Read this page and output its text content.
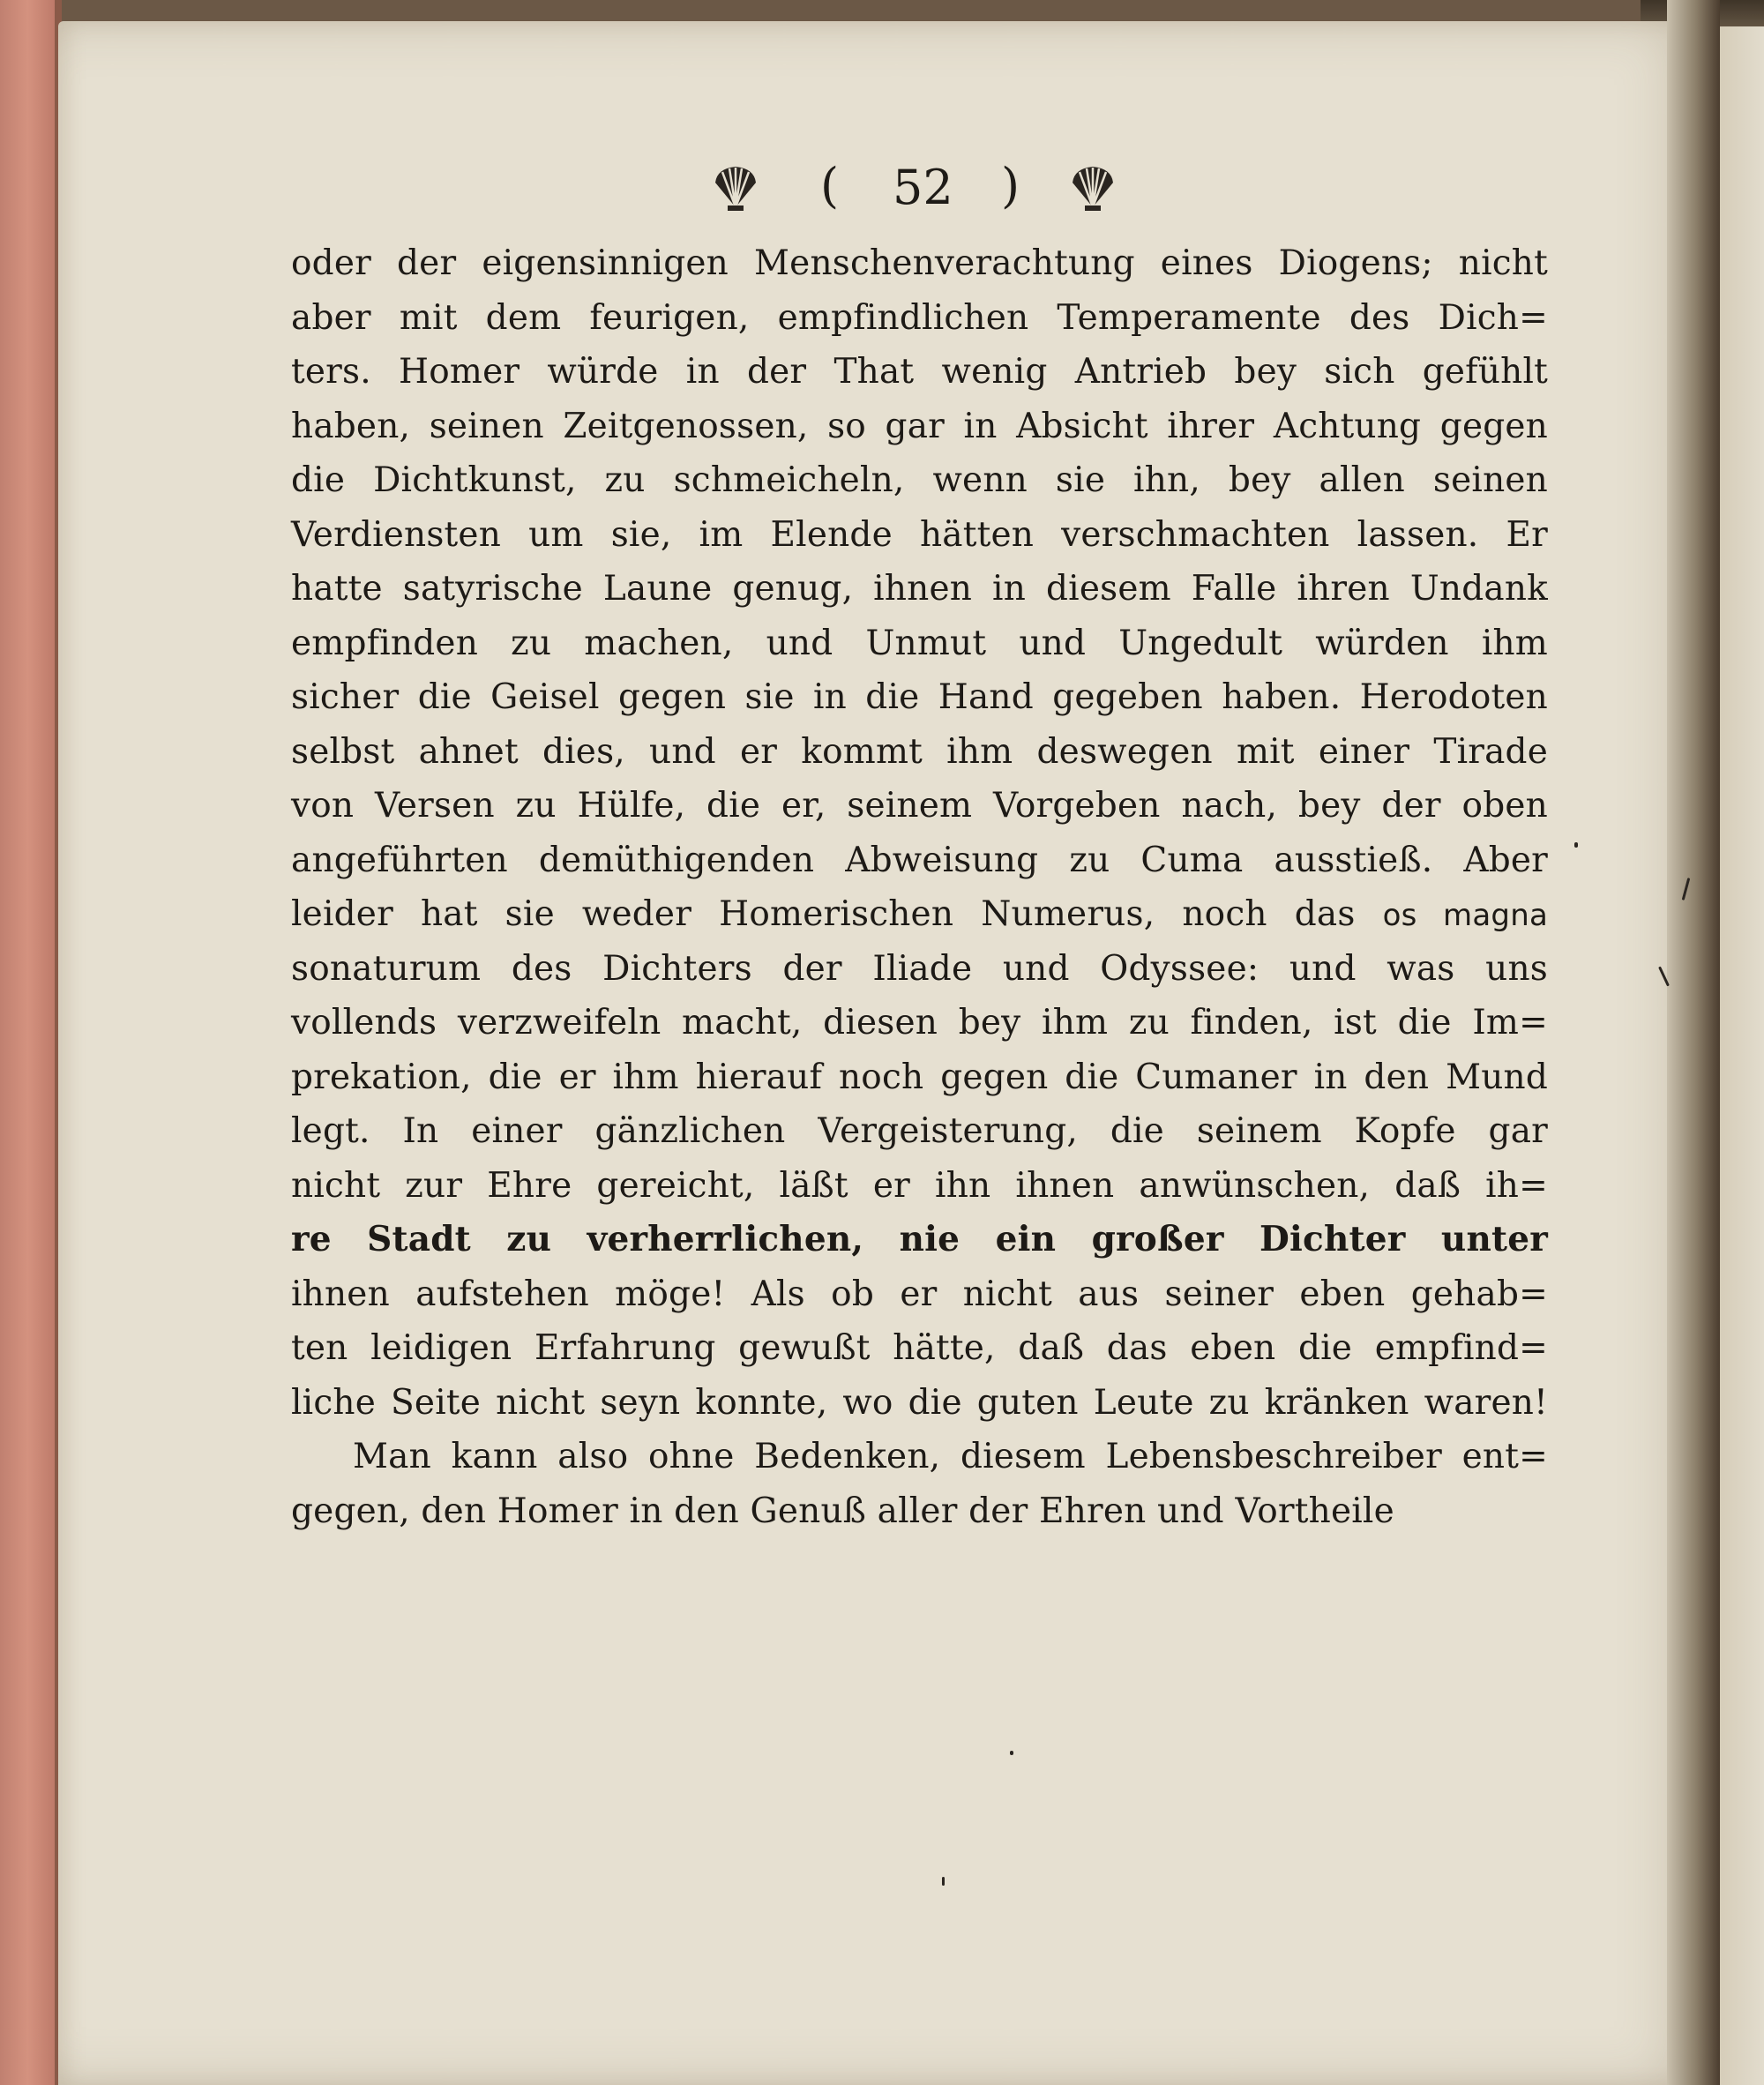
( 52 )
oder der eigensinnigen Menschenverachtung eines Diogens; nicht
aber mit dem feurigen, empfindlichen Temperamente des Dich=
ters. Homer würde in der That wenig Antrieb bey sich gefühlt
haben, seinen Zeitgenossen, so gar in Absicht ihrer Achtung gegen
die Dichtkunst, zu schmeicheln, wenn sie ihn, bey allen seinen
Verdiensten um sie, im Elende hätten verschmachten lassen. Er
hatte satyrische Laune genug, ihnen in diesem Falle ihren Undank
empfinden zu machen, und Unmut und Ungedult würden ihm
sicher die Geisel gegen sie in die Hand gegeben haben. Herodoten
selbst ahnet dies, und er kommt ihm deswegen mit einer Tirade
von Versen zu Hülfe, die er, seinem Vorgeben nach, bey der oben
angeführten demüthigenden Abweisung zu Cuma ausstieß. Aber
leider hat sie weder Homerischen Numerus, noch das os magna
sonaturum des Dichters der Iliade und Odyssee: und was uns
vollends verzweifeln macht, diesen bey ihm zu finden, ist die Im=
prekation, die er ihm hierauf noch gegen die Cumaner in den Mund
legt. In einer gänzlichen Vergeisterung, die seinem Kopfe gar
nicht zur Ehre gereicht, läßt er ihn ihnen anwünschen, daß ih=
re Stadt zu verherrlichen, nie ein großer Dichter unter
ihnen aufstehen möge! Als ob er nicht aus seiner eben gehab=
ten leidigen Erfahrung gewußt hätte, daß das eben die empfind=
liche Seite nicht seyn konnte, wo die guten Leute zu kränken waren!
Man kann also ohne Bedenken, diesem Lebensbeschreiber ent=
gegen, den Homer in den Genuß aller der Ehren und Vortheile
